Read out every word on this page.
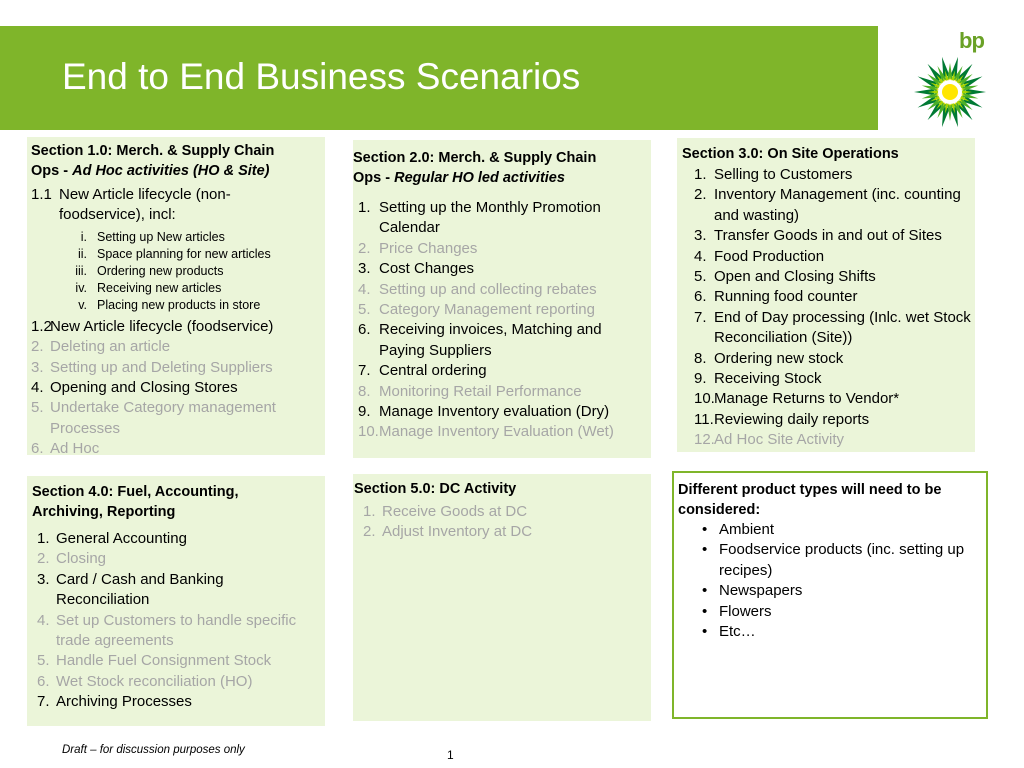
End to End Business Scenarios
bp
Section 1.0: Merch. & Supply Chain
Ops - Ad Hoc activities (HO & Site)
1.1 New Article lifecycle (non-foodservice), incl:
i. Setting up New articles
ii. Space planning for new articles
iii. Ordering new products
iv. Receiving new articles
v. Placing new products in store
1.2
New Article lifecycle (foodservice)
2. Deleting an article
3. Setting up and Deleting Suppliers
4. Opening and Closing Stores
5. Undertake Category management Processes
6. Ad Hoc
Section 2.0: Merch. & Supply Chain
Ops - Regular HO led activities
1. Setting up the Monthly Promotion Calendar
2. Price Changes
3. Cost Changes
4. Setting up and collecting rebates
5. Category Management reporting
6. Receiving invoices, Matching and Paying Suppliers
7. Central ordering
8. Monitoring Retail Performance
9. Manage Inventory evaluation (Dry)
10. Manage Inventory Evaluation (Wet)
Section 3.0: On Site Operations
1. Selling to Customers
2. Inventory Management (inc. counting and wasting)
3. Transfer Goods in and out of Sites
4. Food Production
5. Open and Closing Shifts
6. Running food counter
7. End of Day processing (Inlc. wet Stock Reconciliation (Site))
8. Ordering new stock
9. Receiving Stock
10. Manage Returns to Vendor*
11. Reviewing daily reports
12. Ad Hoc Site Activity
Section 4.0: Fuel, Accounting, Archiving, Reporting
1. General Accounting
2. Closing
3. Card / Cash and Banking Reconciliation
4. Set up Customers to handle specific trade agreements
5. Handle Fuel Consignment Stock
6. Wet Stock reconciliation (HO)
7. Archiving Processes
Section 5.0: DC Activity
1. Receive Goods at DC
2. Adjust Inventory at DC
Different product types will need to be considered:
• Ambient
• Foodservice products (inc. setting up recipes)
• Newspapers
• Flowers
• Etc…
Draft – for discussion purposes only	1
